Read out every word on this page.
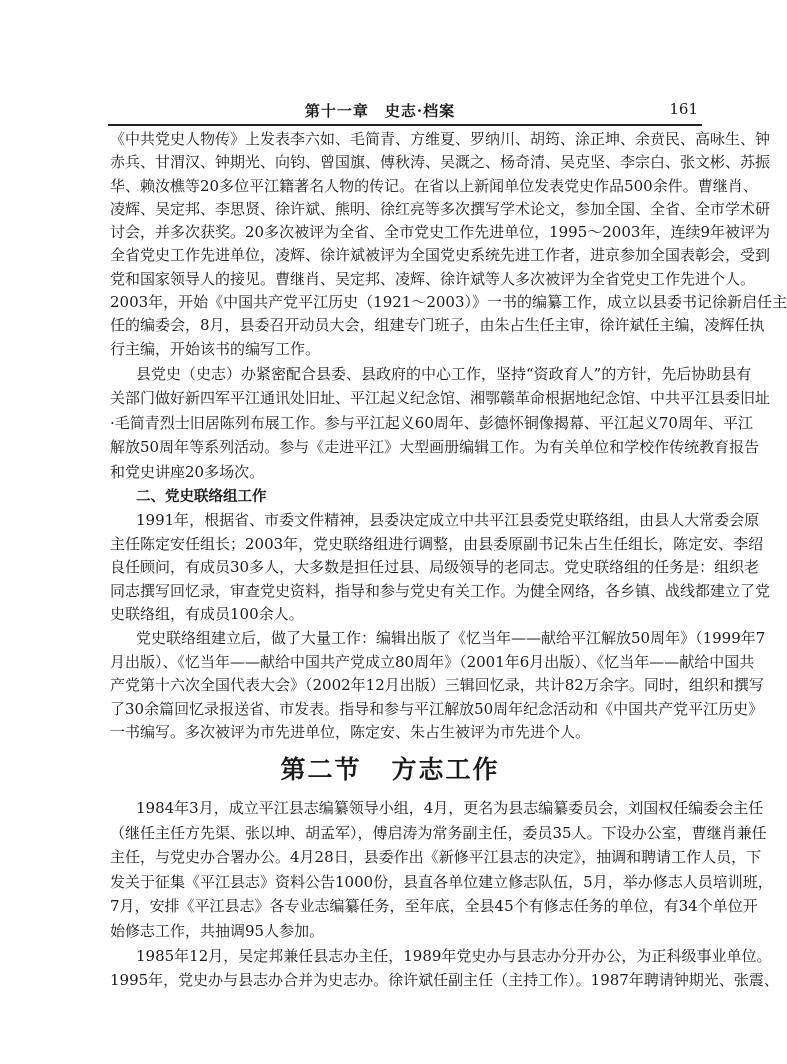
第十一章　史志·档案	161
《中共党史人物传》上发表李六如、毛简青、方维夏、罗纳川、胡筠、涂正坤、余贲民、高咏生、钟
赤兵、甘渭汉、钟期光、向钧、曾国旗、傅秋涛、吴溉之、杨奇清、吴克坚、李宗白、张文彬、苏振
华、赖汝樵等20多位平江籍著名人物的传记。在省以上新闻单位发表党史作品500余件。曹继肖、
凌辉、吴定邦、李思贤、徐许斌、熊明、徐红亮等多次撰写学术论文，参加全国、全省、全市学术研
讨会，并多次获奖。20多次被评为全省、全市党史工作先进单位，1995～2003年，连续9年被评为
全省党史工作先进单位，凌辉、徐许斌被评为全国党史系统先进工作者，进京参加全国表彰会，受到
党和国家领导人的接见。曹继肖、吴定邦、凌辉、徐许斌等人多次被评为全省党史工作先进个人。
2003年，开始《中国共产党平江历史（1921～2003）》一书的编纂工作，成立以县委书记徐新启任主
任的编委会，8月，县委召开动员大会，组建专门班子，由朱占生任主审，徐许斌任主编，凌辉任执
行主编，开始该书的编写工作。
县党史（史志）办紧密配合县委、县政府的中心工作，坚持“资政育人”的方针，先后协助县有
关部门做好新四军平江通讯处旧址、平江起义纪念馆、湘鄂赣革命根据地纪念馆、中共平江县委旧址
·毛简青烈士旧居陈列布展工作。参与平江起义60周年、彭德怀铜像揭幕、平江起义70周年、平江
解放50周年等系列活动。参与《走进平江》大型画册编辑工作。为有关单位和学校作传统教育报告
和党史讲座20多场次。
二、党史联络组工作
1991年，根据省、市委文件精神，县委决定成立中共平江县委党史联络组，由县人大常委会原
主任陈定安任组长；2003年，党史联络组进行调整，由县委原副书记朱占生任组长，陈定安、李绍
良任顾问，有成员30多人，大多数是担任过县、局级领导的老同志。党史联络组的任务是：组织老
同志撰写回忆录，审查党史资料，指导和参与党史有关工作。为健全网络，各乡镇、战线都建立了党
史联络组，有成员100余人。
党史联络组建立后，做了大量工作：编辑出版了《忆当年——献给平江解放50周年》（1999年7
月出版）、《忆当年——献给中国共产党成立80周年》（2001年6月出版）、《忆当年——献给中国共
产党第十六次全国代表大会》（2002年12月出版）三辑回忆录，共计82万余字。同时，组织和撰写
了30余篇回忆录报送省、市发表。指导和参与平江解放50周年纪念活动和《中国共产党平江历史》
一书编写。多次被评为市先进单位，陈定安、朱占生被评为市先进个人。
第二节 方志工作
1984年3月，成立平江县志编纂领导小组，4月，更名为县志编纂委员会，刘国权任编委会主任
（继任主任方先渠、张以坤、胡孟军），傅启涛为常务副主任，委员35人。下设办公室，曹继肖兼任
主任，与党史办合署办公。4月28日，县委作出《新修平江县志的决定》，抽调和聘请工作人员，下
发关于征集《平江县志》资料公告1000份，县直各单位建立修志队伍，5月，举办修志人员培训班，
7月，安排《平江县志》各专业志编纂任务，至年底，全县45个有修志任务的单位，有34个单位开
始修志工作，共抽调95人参加。
1985年12月，吴定邦兼任县志办主任，1989年党史办与县志办分开办公，为正科级事业单位。
1995年，党史办与县志办合并为史志办。徐许斌任副主任（主持工作）。1987年聘请钟期光、张震、
